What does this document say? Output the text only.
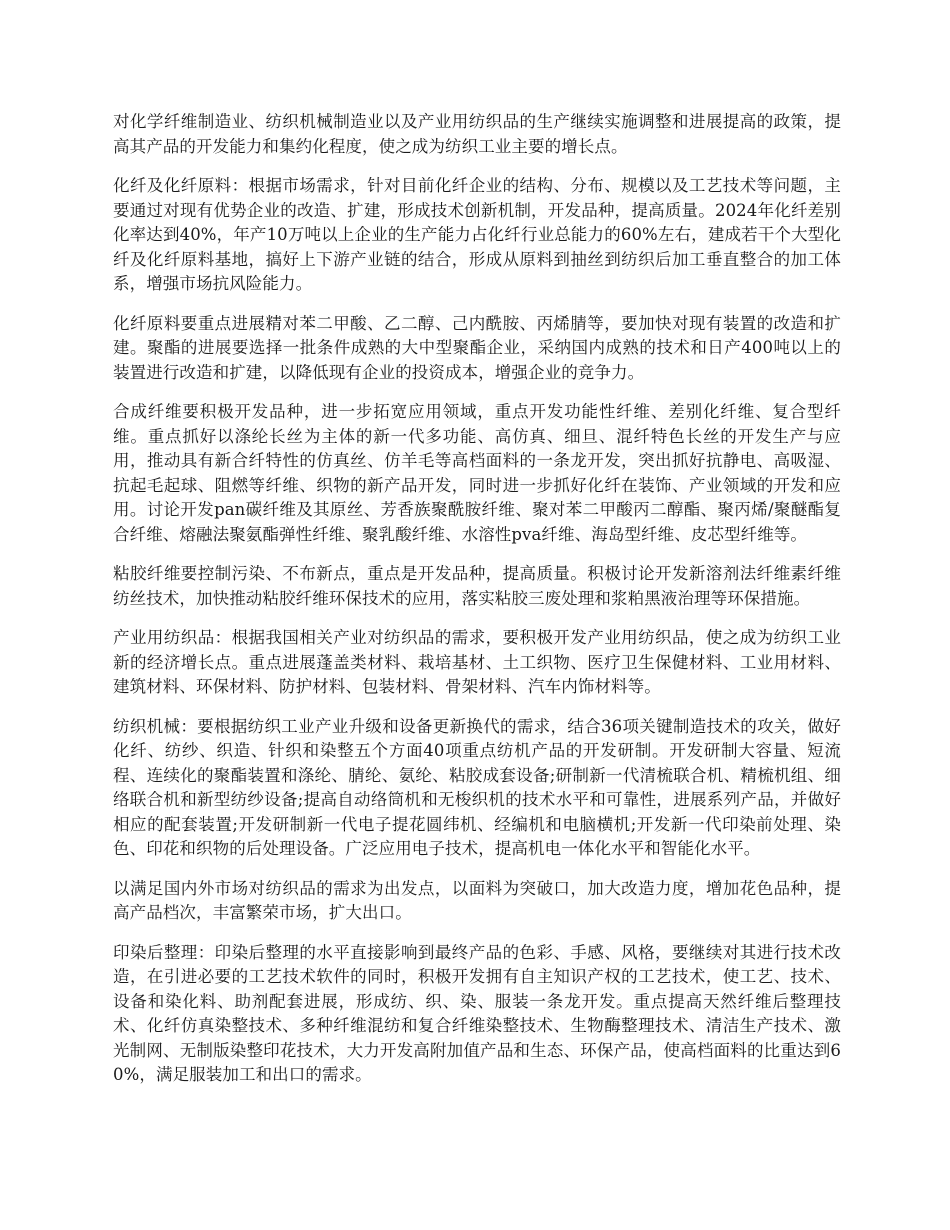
对化学纤维制造业、纺织机械制造业以及产业用纺织品的生产继续实施调整和进展提高的政策，提高其产品的开发能力和集约化程度，使之成为纺织工业主要的增长点。

化纤及化纤原料：根据市场需求，针对目前化纤企业的结构、分布、规模以及工艺技术等问题，主要通过对现有优势企业的改造、扩建，形成技术创新机制，开发品种，提高质量。2024年化纤差别化率达到40%，年产10万吨以上企业的生产能力占化纤行业总能力的60%左右，建成若干个大型化纤及化纤原料基地，搞好上下游产业链的结合，形成从原料到抽丝到纺织后加工垂直整合的加工体系，增强市场抗风险能力。

化纤原料要重点进展精对苯二甲酸、乙二醇、己内酰胺、丙烯腈等，要加快对现有装置的改造和扩建。聚酯的进展要选择一批条件成熟的大中型聚酯企业，采纳国内成熟的技术和日产400吨以上的装置进行改造和扩建，以降低现有企业的投资成本，增强企业的竞争力。

合成纤维要积极开发品种，进一步拓宽应用领域，重点开发功能性纤维、差别化纤维、复合型纤维。重点抓好以涤纶长丝为主体的新一代多功能、高仿真、细旦、混纤特色长丝的开发生产与应用，推动具有新合纤特性的仿真丝、仿羊毛等高档面料的一条龙开发，突出抓好抗静电、高吸湿、抗起毛起球、阻燃等纤维、织物的新产品开发，同时进一步抓好化纤在装饰、产业领域的开发和应用。讨论开发pan碳纤维及其原丝、芳香族聚酰胺纤维、聚对苯二甲酸丙二醇酯、聚丙烯/聚醚酯复合纤维、熔融法聚氨酯弹性纤维、聚乳酸纤维、水溶性pva纤维、海岛型纤维、皮芯型纤维等。

粘胶纤维要控制污染、不布新点，重点是开发品种，提高质量。积极讨论开发新溶剂法纤维素纤维纺丝技术，加快推动粘胶纤维环保技术的应用，落实粘胶三废处理和浆粕黑液治理等环保措施。

产业用纺织品：根据我国相关产业对纺织品的需求，要积极开发产业用纺织品，使之成为纺织工业新的经济增长点。重点进展蓬盖类材料、栽培基材、土工织物、医疗卫生保健材料、工业用材料、建筑材料、环保材料、防护材料、包装材料、骨架材料、汽车内饰材料等。

纺织机械：要根据纺织工业产业升级和设备更新换代的需求，结合36项关键制造技术的攻关，做好化纤、纺纱、织造、针织和染整五个方面40项重点纺机产品的开发研制。开发研制大容量、短流程、连续化的聚酯装置和涤纶、腈纶、氨纶、粘胶成套设备;研制新一代清梳联合机、精梳机组、细络联合机和新型纺纱设备;提高自动络筒机和无梭织机的技术水平和可靠性，进展系列产品，并做好相应的配套装置;开发研制新一代电子提花圆纬机、经编机和电脑横机;开发新一代印染前处理、染色、印花和织物的后处理设备。广泛应用电子技术，提高机电一体化水平和智能化水平。

以满足国内外市场对纺织品的需求为出发点，以面料为突破口，加大改造力度，增加花色品种，提高产品档次，丰富繁荣市场，扩大出口。

印染后整理：印染后整理的水平直接影响到最终产品的色彩、手感、风格，要继续对其进行技术改造，在引进必要的工艺技术软件的同时，积极开发拥有自主知识产权的工艺技术，使工艺、技术、设备和染化料、助剂配套进展，形成纺、织、染、服装一条龙开发。重点提高天然纤维后整理技术、化纤仿真染整技术、多种纤维混纺和复合纤维染整技术、生物酶整理技术、清洁生产技术、激光制网、无制版染整印花技术，大力开发高附加值产品和生态、环保产品，使高档面料的比重达到60%，满足服装加工和出口的需求。
